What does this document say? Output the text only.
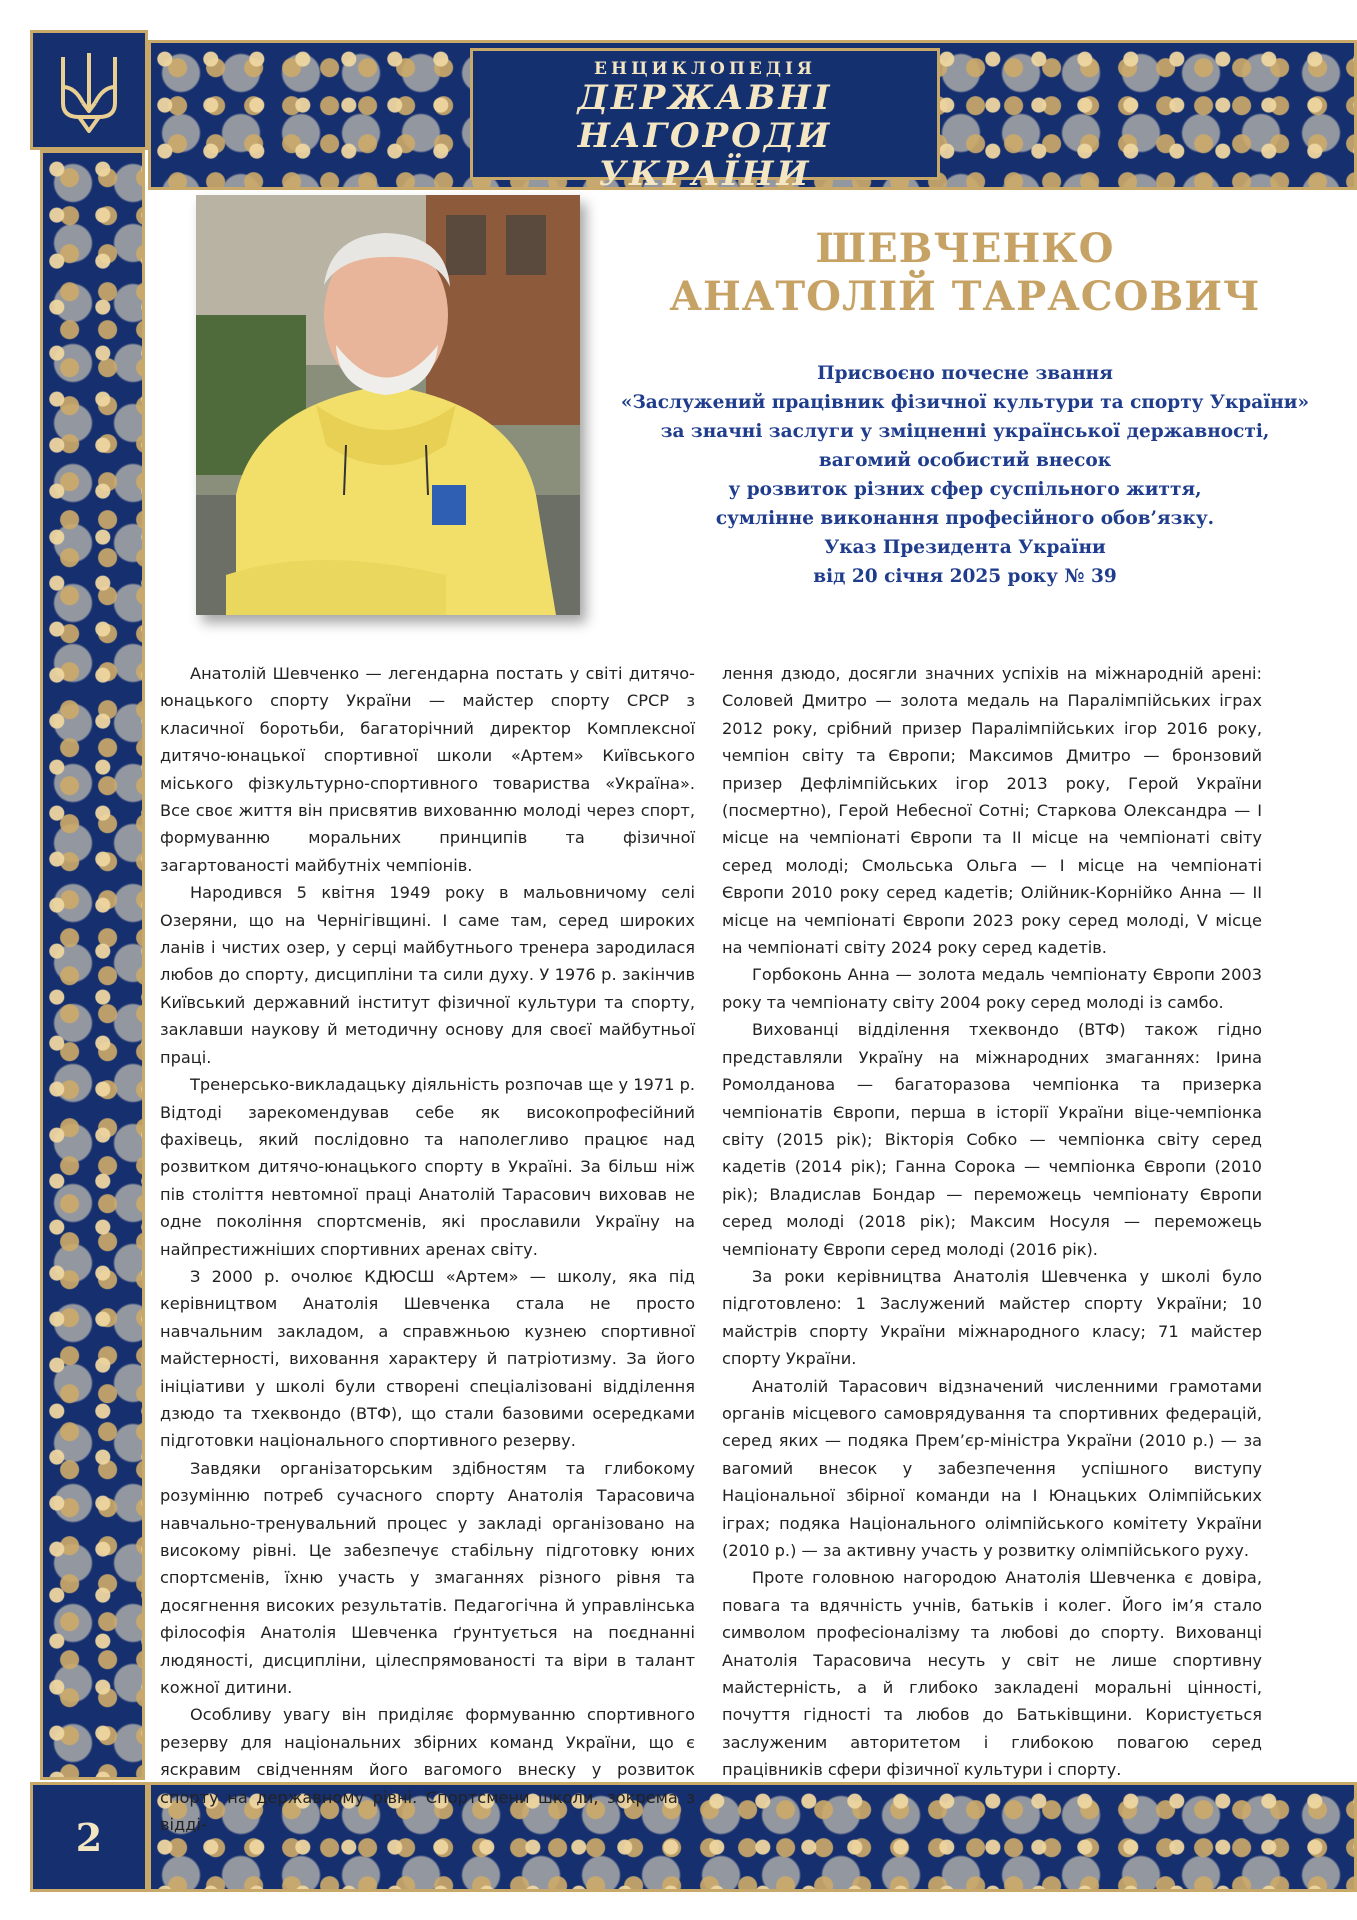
ЕНЦИКЛОПЕДІЯ
ДЕРЖАВНІ НАГОРОДИ
УКРАЇНИ
2
ШЕВЧЕНКО
АНАТОЛІЙ ТАРАСОВИЧ
Присвоєно почесне звання
«Заслужений працівник фізичної культури та спорту України»
за значні заслуги у зміцненні української державності,
вагомий особистий внесок
у розвиток різних сфер суспільного життя,
сумлінне виконання професійного обов’язку.
Указ Президента України
від 20 січня 2025 року № 39

Анатолій Шевченко — легендарна постать у світі дитячо-юнацького спорту України — майстер спорту СРСР з класичної боротьби, багаторічний директор Комплексної дитячо-юнацької спортивної школи «Артем» Київського міського фізкультурно-спортивного товариства «Україна». Все своє життя він присвятив вихованню молоді через спорт, формуванню моральних принципів та фізичної загартованості майбутніх чемпіонів.

Народився 5 квітня 1949 року в мальовничому селі Озеряни, що на Чернігівщині. І саме там, серед широких ланів і чистих озер, у серці майбутнього тренера зародилася любов до спорту, дисципліни та сили духу. У 1976 р. закінчив Київський державний інститут фізичної культури та спорту, заклавши наукову й методичну основу для своєї майбутньої праці.

Тренерсько-викладацьку діяльність розпочав ще у 1971 р. Відтоді зарекомендував себе як високопрофесійний фахівець, який послідовно та наполегливо працює над розвитком дитячо-юнацького спорту в Україні. За більш ніж пів століття невтомної праці Анатолій Тарасович виховав не одне покоління спортсменів, які прославили Україну на найпрестижніших спортивних аренах світу.

З 2000 р. очолює КДЮСШ «Артем» — школу, яка під керівництвом Анатолія Шевченка стала не просто навчальним закладом, а справжньою кузнею спортивної майстерності, виховання характеру й патріотизму. За його ініціативи у школі були створені спеціалізовані відділення дзюдо та тхеквондо (ВТФ), що стали базовими осередками підготовки національного спортивного резерву.

Завдяки організаторським здібностям та глибокому розумінню потреб сучасного спорту Анатолія Тарасовича навчально-тренувальний процес у закладі організовано на високому рівні. Це забезпечує стабільну підготовку юних спортсменів, їхню участь у змаганнях різного рівня та досягнення високих результатів. Педагогічна й управлінська філософія Анатолія Шевченка ґрунтується на поєднанні людяності, дисципліни, цілеспрямованості та віри в талант кожної дитини.

Особливу увагу він приділяє формуванню спортивного резерву для національних збірних команд України, що є яскравим свідченням його вагомого внеску у розвиток спорту на державному рівні. Спортсмени школи, зокрема з відді-

лення дзюдо, досягли значних успіхів на міжнародній арені: Соловей Дмитро — золота медаль на Паралімпійських іграх 2012 року, срібний призер Паралімпійських ігор 2016 року, чемпіон світу та Європи; Максимов Дмитро — бронзовий призер Дефлімпійських ігор 2013 року, Герой України (посмертно), Герой Небесної Сотні; Старкова Олександра — І місце на чемпіонаті Європи та ІІ місце на чемпіонаті світу серед молоді; Смольська Ольга — І місце на чемпіонаті Європи 2010 року серед кадетів; Олійник-Корнійко Анна — ІІ місце на чемпіонаті Європи 2023 року серед молоді, V місце на чемпіонаті світу 2024 року серед кадетів.

Горбоконь Анна — золота медаль чемпіонату Європи 2003 року та чемпіонату світу 2004 року серед молоді із самбо.

Вихованці відділення тхеквондо (ВТФ) також гідно представляли Україну на міжнародних змаганнях: Ірина Ромолданова — багаторазова чемпіонка та призерка чемпіонатів Європи, перша в історії України віце-чемпіонка світу (2015 рік); Вікторія Собко — чемпіонка світу серед кадетів (2014 рік); Ганна Сорока — чемпіонка Європи (2010 рік); Владислав Бондар — переможець чемпіонату Європи серед молоді (2018 рік); Максим Носуля — переможець чемпіонату Європи серед молоді (2016 рік).

За роки керівництва Анатолія Шевченка у школі було підготовлено: 1 Заслужений майстер спорту України; 10 майстрів спорту України міжнародного класу; 71 майстер спорту України.

Анатолій Тарасович відзначений численними грамотами органів місцевого самоврядування та спортивних федерацій, серед яких — подяка Прем’єр-міністра України (2010 р.) — за вагомий внесок у забезпечення успішного виступу Національної збірної команди на І Юнацьких Олімпійських іграх; подяка Національного олімпійського комітету України (2010 р.) — за активну участь у розвитку олімпійського руху.

Проте головною нагородою Анатолія Шевченка є довіра, повага та вдячність учнів, батьків і колег. Його ім’я стало символом професіоналізму та любові до спорту. Вихованці Анатолія Тарасовича несуть у світ не лише спортивну майстерність, а й глибоко закладені моральні цінності, почуття гідності та любов до Батьківщини. Користується заслуженим авторитетом і глибокою повагою серед працівників сфери фізичної культури і спорту.
